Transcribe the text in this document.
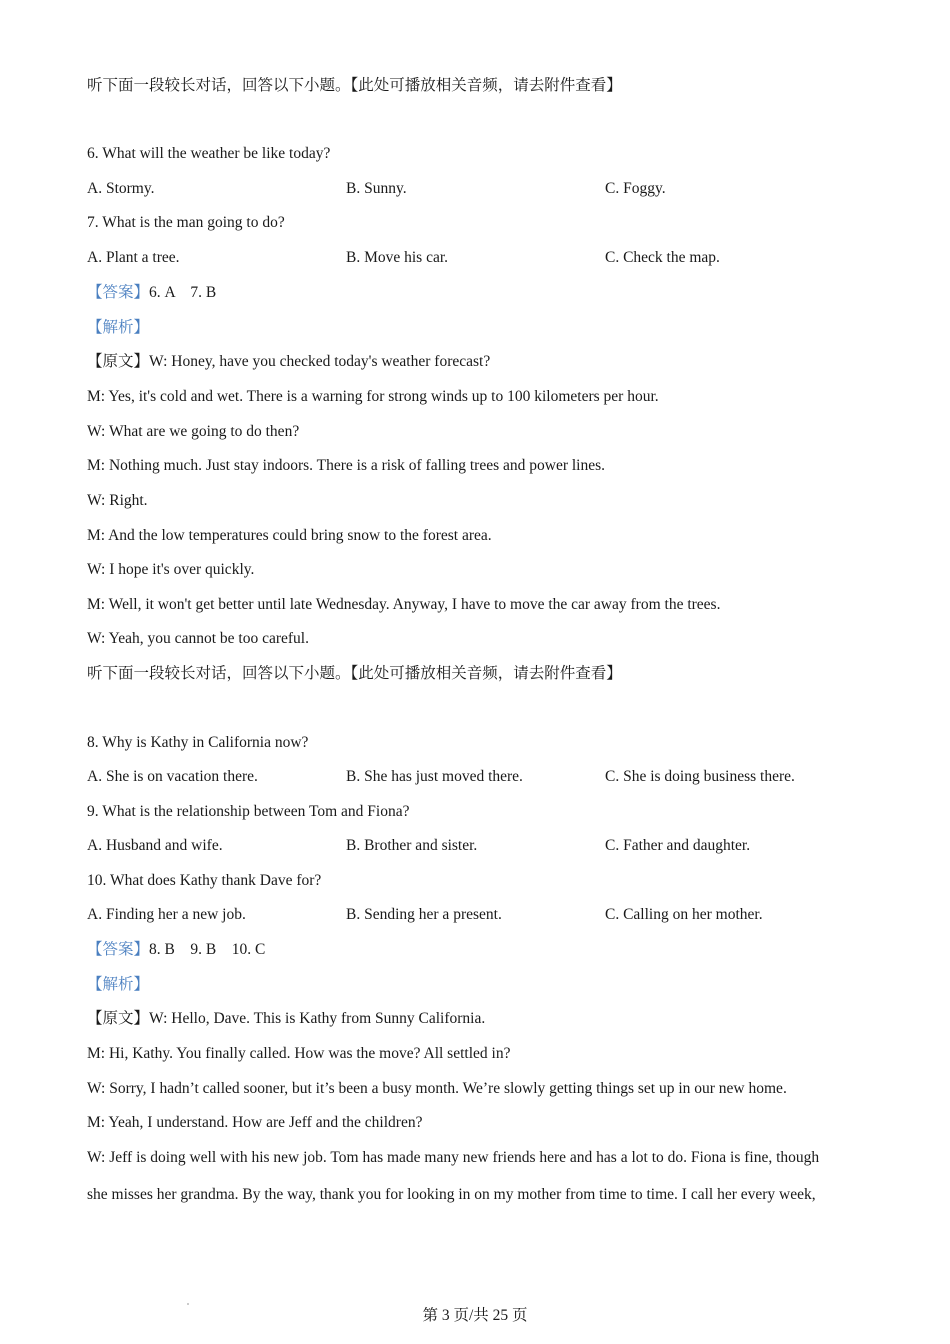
听下面一段较长对话，回答以下小题。【此处可播放相关音频，请去附件查看】
6. What will the weather be like today?
A. Stormy.	B. Sunny.	C. Foggy.
7. What is the man going to do?
A. Plant a tree.	B. Move his car.	C. Check the map.
【答案】6. A    7. B
【解析】
【原文】W: Honey, have you checked today's weather forecast?
M: Yes, it's cold and wet. There is a warning for strong winds up to 100 kilometers per hour.
W: What are we going to do then?
M: Nothing much. Just stay indoors. There is a risk of falling trees and power lines.
W: Right.
M: And the low temperatures could bring snow to the forest area.
W: I hope it's over quickly.
M: Well, it won't get better until late Wednesday. Anyway, I have to move the car away from the trees.
W: Yeah, you cannot be too careful.
听下面一段较长对话，回答以下小题。【此处可播放相关音频，请去附件查看】
8. Why is Kathy in California now?
A. She is on vacation there.	B. She has just moved there.	C. She is doing business there.
9. What is the relationship between Tom and Fiona?
A. Husband and wife.	B. Brother and sister.	C. Father and daughter.
10. What does Kathy thank Dave for?
A. Finding her a new job.	B. Sending her a present.	C. Calling on her mother.
【答案】8. B    9. B    10. C
【解析】
【原文】W: Hello, Dave. This is Kathy from Sunny California.
M: Hi, Kathy. You finally called. How was the move? All settled in?
W: Sorry, I hadn’t called sooner, but it’s been a busy month. We’re slowly getting things set up in our new home.
M: Yeah, I understand. How are Jeff and the children?
W: Jeff is doing well with his new job. Tom has made many new friends here and has a lot to do. Fiona is fine, though
she misses her grandma. By the way, thank you for looking in on my mother from time to time. I call her every week,
第 3 页/共 25 页
